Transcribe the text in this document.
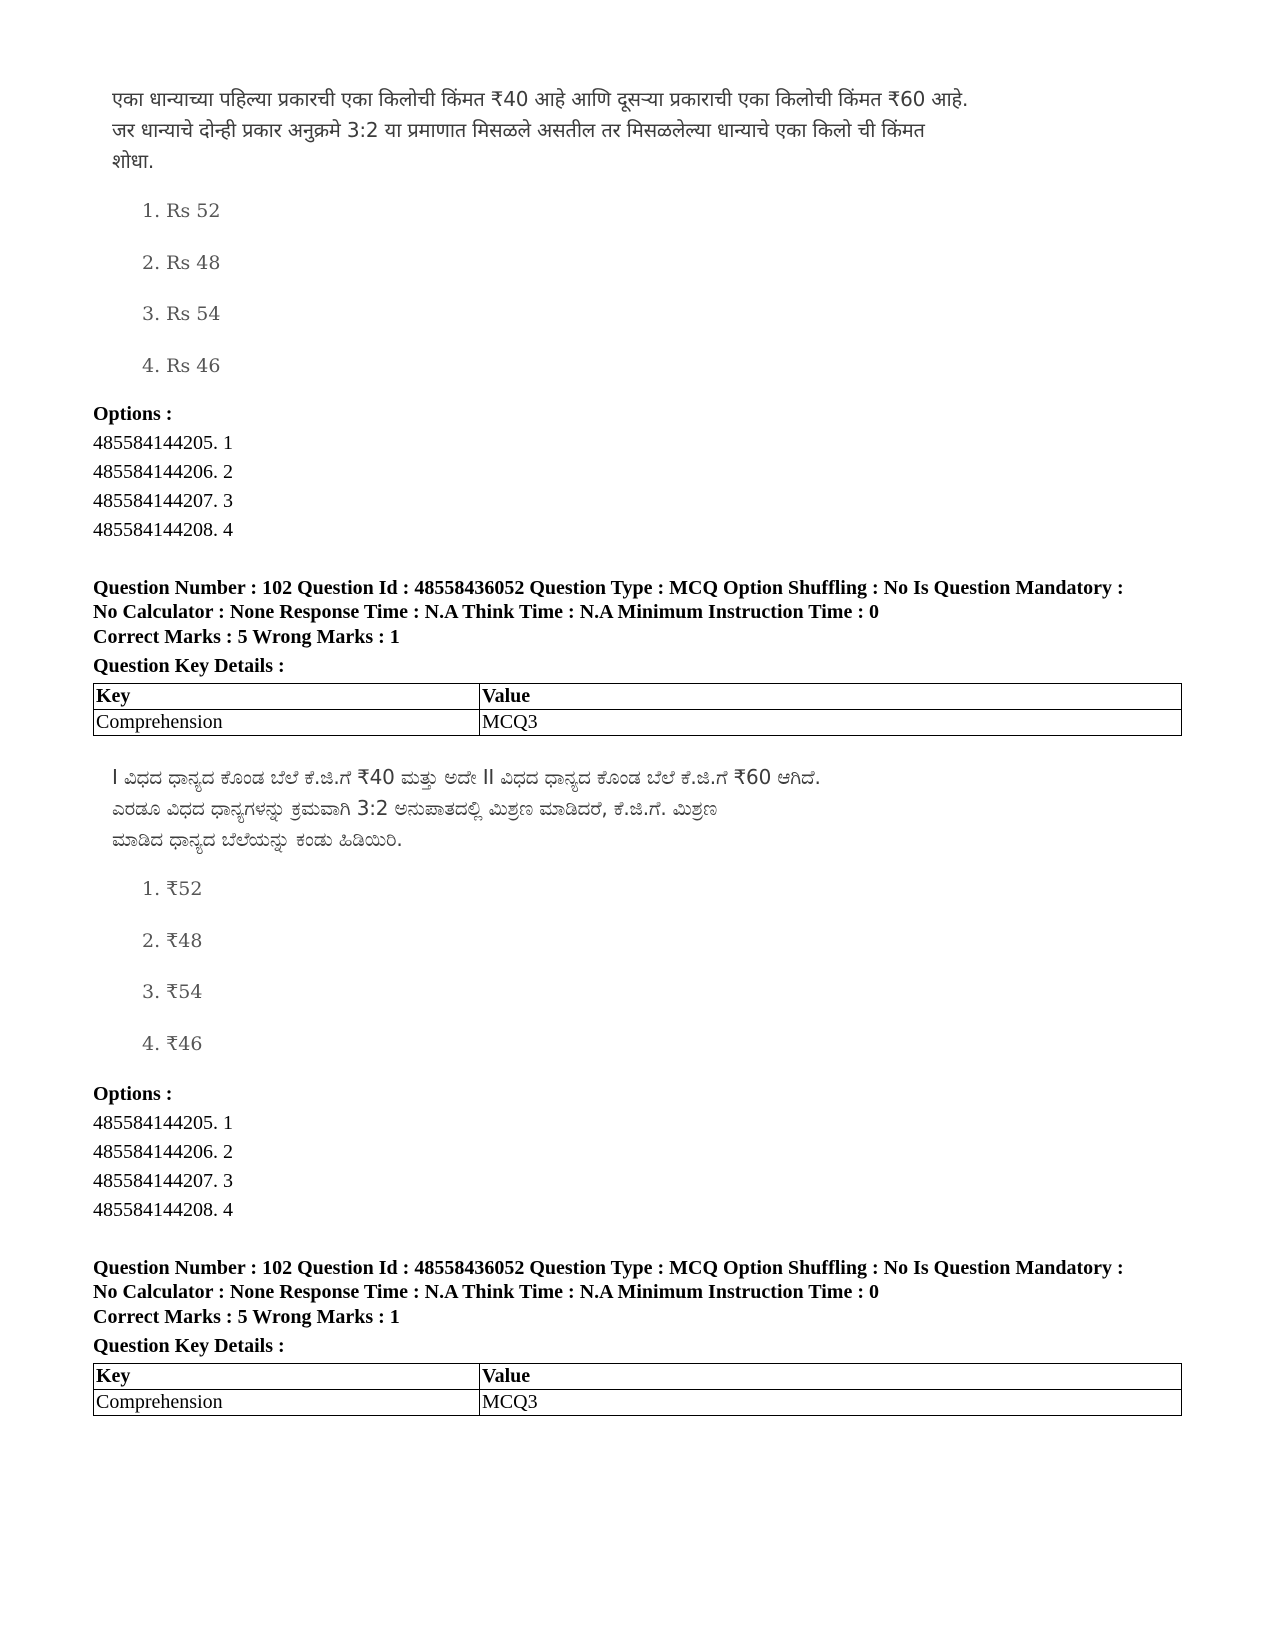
एका धान्याच्या पहिल्या प्रकारची एका किलोची किंमत ₹40 आहे आणि दूसऱ्या प्रकाराची एका किलोची किंमत ₹60 आहे.
जर धान्याचे दोन्ही प्रकार अनुक्रमे 3:2 या प्रमाणात मिसळले असतील तर मिसळलेल्या धान्याचे एका किलो ची किंमत
शोधा.
1. Rs 52
2. Rs 48
3. Rs 54
4. Rs 46
Options :
485584144205. 1
485584144206. 2
485584144207. 3
485584144208. 4
Question Number : 102 Question Id : 48558436052 Question Type : MCQ Option Shuffling : No Is Question Mandatory :
No Calculator : None Response Time : N.A Think Time : N.A Minimum Instruction Time : 0
Correct Marks : 5 Wrong Marks : 1
Question Key Details :
Key	Value
Comprehension	MCQ3
I ವಿಧದ ಧಾನ್ಯದ ಕೊಂಡ ಬೆಲೆ ಕೆ.ಜಿ.ಗೆ ₹40 ಮತ್ತು ಅದೇ II ವಿಧದ ಧಾನ್ಯದ ಕೊಂಡ ಬೆಲೆ ಕೆ.ಜಿ.ಗೆ ₹60 ಆಗಿದೆ.
ಎರಡೂ ವಿಧದ ಧಾನ್ಯಗಳನ್ನು ಕ್ರಮವಾಗಿ 3:2 ಅನುಪಾತದಲ್ಲಿ ಮಿಶ್ರಣ ಮಾಡಿದರೆ, ಕೆ.ಜಿ.ಗೆ. ಮಿಶ್ರಣ
ಮಾಡಿದ ಧಾನ್ಯದ ಬೆಲೆಯನ್ನು ಕಂಡು ಹಿಡಿಯಿರಿ.
1. ₹52
2. ₹48
3. ₹54
4. ₹46
Options :
485584144205. 1
485584144206. 2
485584144207. 3
485584144208. 4
Question Number : 102 Question Id : 48558436052 Question Type : MCQ Option Shuffling : No Is Question Mandatory :
No Calculator : None Response Time : N.A Think Time : N.A Minimum Instruction Time : 0
Correct Marks : 5 Wrong Marks : 1
Question Key Details :
Key	Value
Comprehension	MCQ3
